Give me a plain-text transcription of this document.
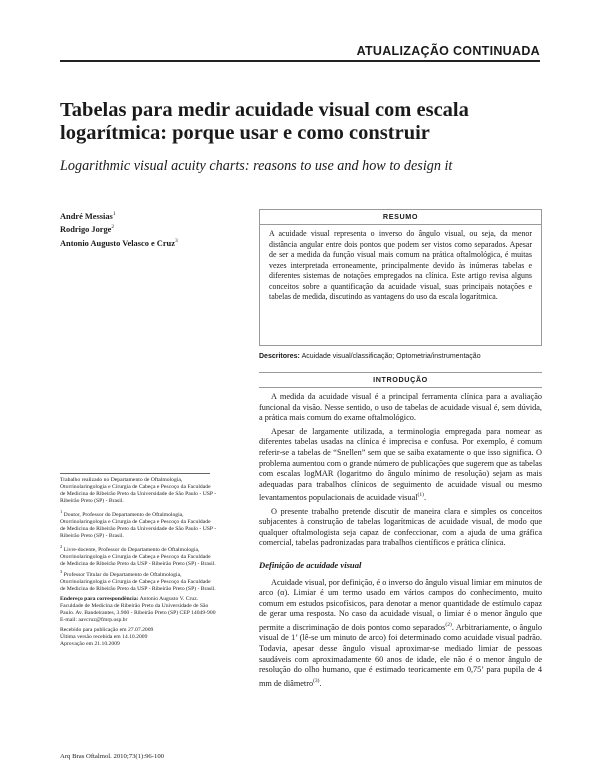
ATUALIZAÇÃO CONTINUADA
Tabelas para medir acuidade visual com escala
logarítmica: porque usar e como construir
Logarithmic visual acuity charts: reasons to use and how to design it
André Messias$^1$
Rodrigo Jorge$^2$
Antonio Augusto Velasco e Cruz$^3$
RESUMO
A acuidade visual representa o inverso do ângulo visual, ou seja, da menor distância angular entre dois pontos que podem ser vistos como separados. Apesar de ser a medida da função visual mais comum na prática oftalmológica, é muitas vezes interpretada erroneamente, principalmente devido às inúmeras tabelas e diferentes sistemas de notações empregados na clínica. Este artigo revisa alguns conceitos sobre a quantificação da acuidade visual, suas principais notações e tabelas de medida, discutindo as vantagens do uso da escala logarítmica.
Descritores: Acuidade visual/classificação; Optometria/instrumentação
INTRODUÇÃO

A medida da acuidade visual é a principal ferramenta clínica para a avaliação funcional da visão. Nesse sentido, o uso de tabelas de acuidade visual é, sem dúvida, a prática mais comum do exame oftalmológico.

Apesar de largamente utilizada, a terminologia empregada para nomear as diferentes tabelas usadas na clínica é imprecisa e confusa. Por exemplo, é comum referir-se a tabelas de “Snellen” sem que se saiba exatamente o que isso significa. O problema aumentou com o grande número de publicações que sugerem que as tabelas com escalas logMAR (logaritmo do ângulo mínimo de resolução) sejam as mais adequadas para trabalhos clínicos de seguimento de acuidade visual ou mesmo levantamentos populacionais de acuidade visual$^{(1)}$.

O presente trabalho pretende discutir de maneira clara e simples os conceitos subjacentes à construção de tabelas logarítmicas de acuidade visual, de modo que qualquer oftalmologista seja capaz de confeccionar, com a ajuda de uma gráfica comercial, tabelas padronizadas para trabalhos científicos e prática clínica.

Definição de acuidade visual

Acuidade visual, por definição, é o inverso do ângulo visual limiar em minutos de arco (α). Limiar é um termo usado em vários campos do conhecimento, muito comum em estudos psicofísicos, para denotar a menor quantidade de estímulo capaz de gerar uma resposta. No caso da acuidade visual, o limiar é o menor ângulo que permite a discriminação de dois pontos como separados$^{(2)}$. Arbitrariamente, o ângulo visual de 1’ (lê-se um minuto de arco) foi determinado como acuidade visual padrão. Todavia, apesar desse ângulo visual aproximar-se mediado limiar de pessoas saudáveis com aproximadamente 60 anos de idade, ele não é o menor ângulo de resolução do olho humano, que é estimado teoricamente em 0,75’ para pupila de 4 mm de diâmetro$^{(3)}$.

Trabalho realizado no Departamento de Oftalmologia, Otorrinolaringologia e Cirurgia de Cabeça e Pescoço da Faculdade de Medicina de Ribeirão Preto da Universidade de São Paulo - USP - Ribeirão Preto (SP) - Brasil.

$^1$ Doutor, Professor do Departamento de Oftalmologia, Otorrinolaringologia e Cirurgia de Cabeça e Pescoço da Faculdade de Medicina de Ribeirão Preto da Universidade de São Paulo - USP - Ribeirão Preto (SP) - Brasil.

$^2$ Livre-docente, Professor do Departamento de Oftalmologia, Otorrinolaringologia e Cirurgia de Cabeça e Pescoço da Faculdade de Medicina de Ribeirão Preto da USP - Ribeirão Preto (SP) - Brasil.

$^3$ Professor Titular do Departamento de Oftalmologia, Otorrinolaringologia e Cirurgia de Cabeça e Pescoço da Faculdade de Medicina de Ribeirão Preto da USP - Ribeirão Preto (SP) - Brasil.

Endereço para correspondência: Antonio Augusto V. Cruz. Faculdade de Medicina de Ribeirão Preto da Universidade de São Paulo. Av. Bandeirantes, 3.900 - Ribeirão Preto (SP) CEP 14049-900

E-mail: aavcruz@fmrp.usp.br

Recebido para publicação em 27.07.2009

Última versão recebida em 14.10.2009

Aprovação em 21.10.2009

Arq Bras Oftalmol. 2010;73(1):96-100
